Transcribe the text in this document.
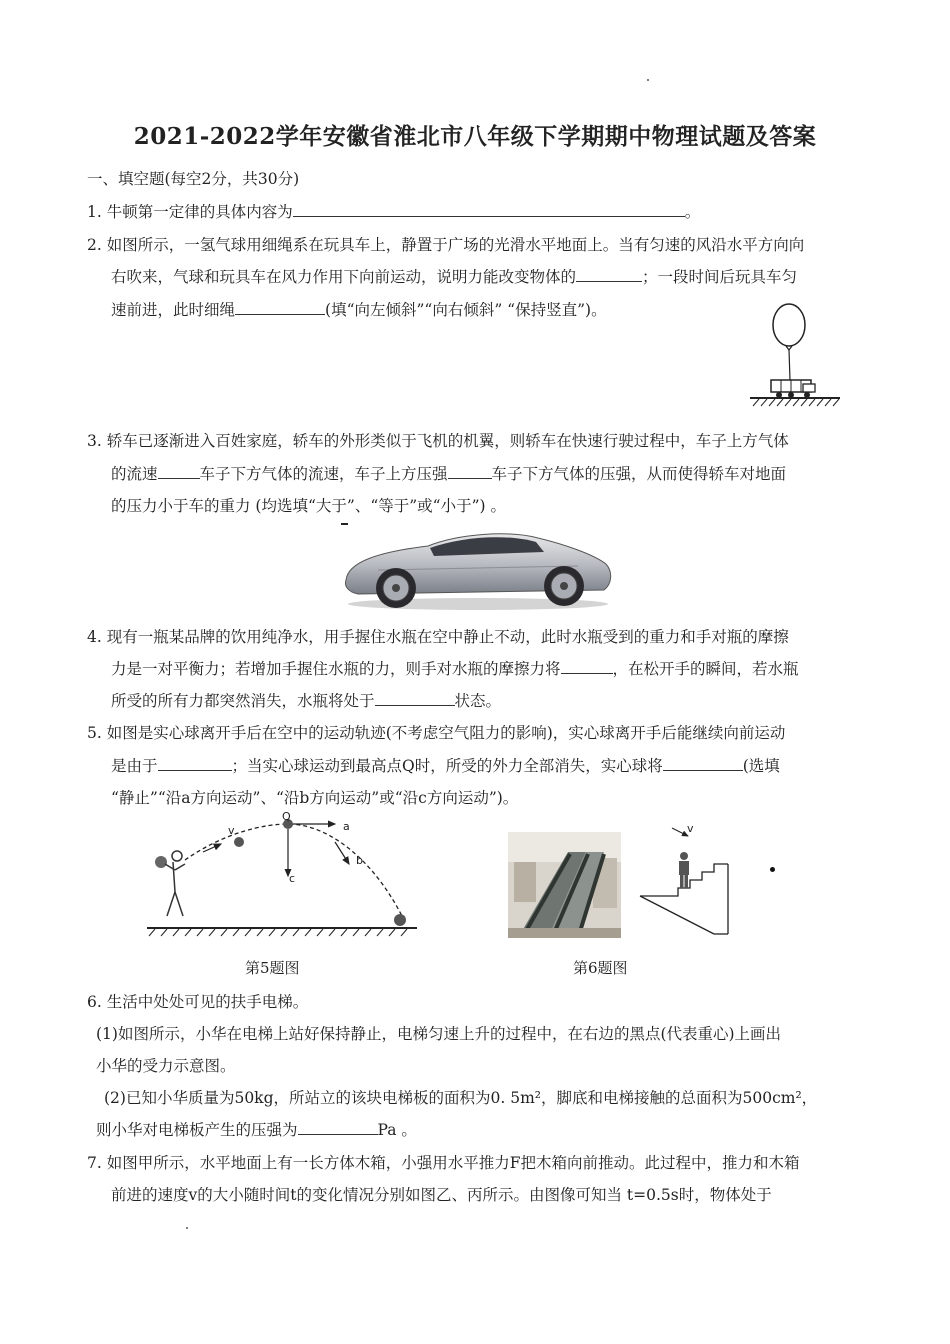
2021-2022学年安徽省淮北市八年级下学期期中物理试题及答案
一、填空题(每空2分，共30分)
1. 牛顿第一定律的具体内容为	。
2. 如图所示，一氢气球用细绳系在玩具车上，静置于广场的光滑水平地面上。当有匀速的风沿水平方向向
右吹来，气球和玩具车在风力作用下向前运动，说明力能改变物体的	；一段时间后玩具车匀
速前进，此时细绳	(填“向左倾斜”“向右倾斜” “保持竖直”)。
3. 轿车已逐渐进入百姓家庭，轿车的外形类似于飞机的机翼，则轿车在快速行驶过程中，车子上方气体
的流速	车子下方气体的流速，车子上方压强	车子下方气体的压强，从而使得轿车对地面
的压力小于车的重力 (均选填“大于”、“等于”或“小于”) 。
4. 现有一瓶某品牌的饮用纯净水，用手握住水瓶在空中静止不动，此时水瓶受到的重力和手对瓶的摩擦
力是一对平衡力；若增加手握住水瓶的力，则手对水瓶的摩擦力将	，在松开手的瞬间，若水瓶
所受的所有力都突然消失，水瓶将处于	状态。
5. 如图是实心球离开手后在空中的运动轨迹(不考虑空气阻力的影响)，实心球离开手后能继续向前运动
是由于	；当实心球运动到最高点Q时，所受的外力全部消失，实心球将	(选填
“静止”“沿a方向运动”、“沿b方向运动”或“沿c方向运动”)。
v
Q
a
b
c
v
第5题图	第6题图
6. 生活中处处可见的扶手电梯。
(1)如图所示，小华在电梯上站好保持静止，电梯匀速上升的过程中，在右边的黑点(代表重心)上画出
小华的受力示意图。
(2)已知小华质量为50kg，所站立的该块电梯板的面积为0. 5m²，脚底和电梯接触的总面积为500cm²，
则小华对电梯板产生的压强为	Pa 。
7. 如图甲所示，水平地面上有一长方体木箱，小强用水平推力F把木箱向前推动。此过程中，推力和木箱
前进的速度v的大小随时间t的变化情况分别如图乙、丙所示。由图像可知当 t=0.5s时，物体处于
